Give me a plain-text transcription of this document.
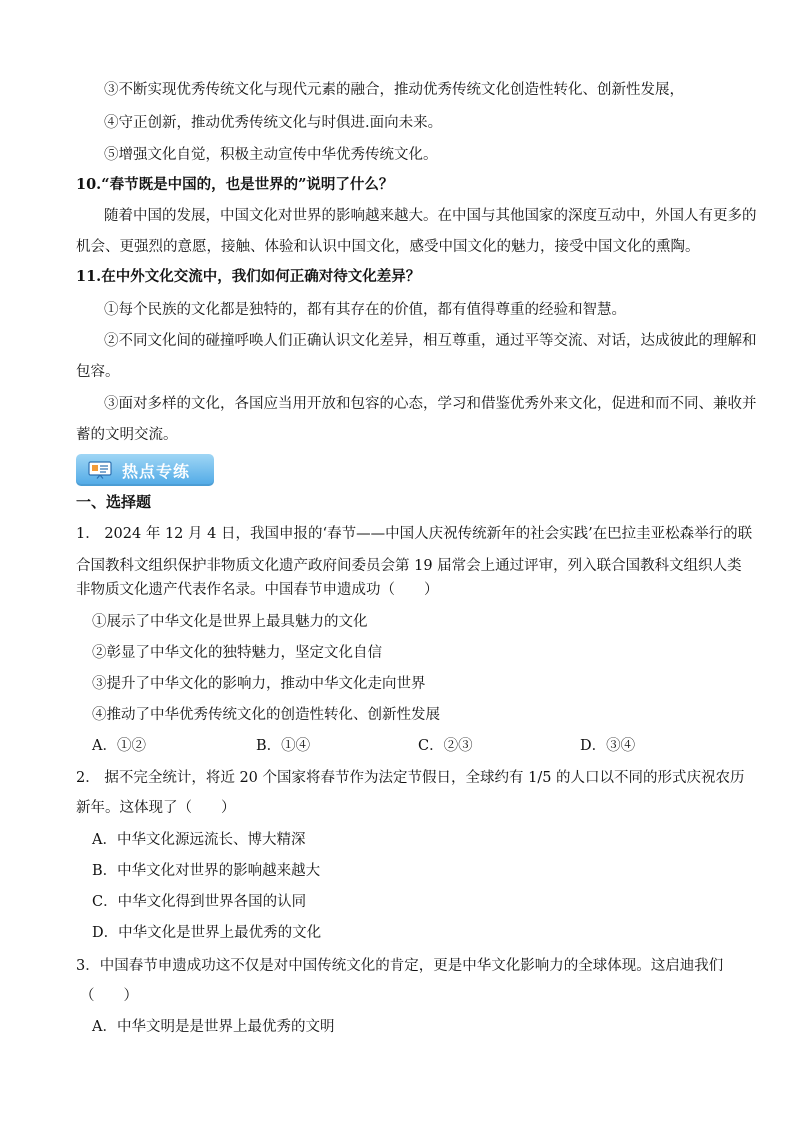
③不断实现优秀传统文化与现代元素的融合，推动优秀传统文化创造性转化、创新性发展，
④守正创新，推动优秀传统文化与时俱进.面向未来。
⑤增强文化自觉，积极主动宣传中华优秀传统文化。
10.“春节既是中国的，也是世界的”说明了什么？
随着中国的发展，中国文化对世界的影响越来越大。在中国与其他国家的深度互动中，外国人有更多的
机会、更强烈的意愿，接触、体验和认识中国文化，感受中国文化的魅力，接受中国文化的熏陶。
11.在中外文化交流中，我们如何正确对待文化差异？
①每个民族的文化都是独特的，都有其存在的价值，都有值得尊重的经验和智慧。
②不同文化间的碰撞呼唤人们正确认识文化差异，相互尊重，通过平等交流、对话，达成彼此的理解和
包容。
③面对多样的文化，各国应当用开放和包容的心态，学习和借鉴优秀外来文化，促进和而不同、兼收并
蓄的文明交流。
热点专练
一、选择题
1． 2024 年 12 月 4 日，我国申报的‘春节——中国人庆祝传统新年的社会实践’在巴拉圭亚松森举行的联
合国教科文组织保护非物质文化遗产政府间委员会第 19 届常会上通过评审，列入联合国教科文组织人类
非物质文化遗产代表作名录。中国春节申遗成功（　　）
①展示了中华文化是世界上最具魅力的文化
②彰显了中华文化的独特魅力，坚定文化自信
③提升了中华文化的影响力，推动中华文化走向世界
④推动了中华优秀传统文化的创造性转化、创新性发展
A．①②	B．①④	C．②③	D．③④
2． 据不完全统计，将近 20 个国家将春节作为法定节假日，全球约有 1/5 的人口以不同的形式庆祝农历
新年。这体现了（　　）
A．中华文化源远流长、博大精深
B．中华文化对世界的影响越来越大
C．中华文化得到世界各国的认同
D．中华文化是世界上最优秀的文化
3．中国春节申遗成功这不仅是对中国传统文化的肯定，更是中华文化影响力的全球体现。这启迪我们
（　　）
A．中华文明是是世界上最优秀的文明
